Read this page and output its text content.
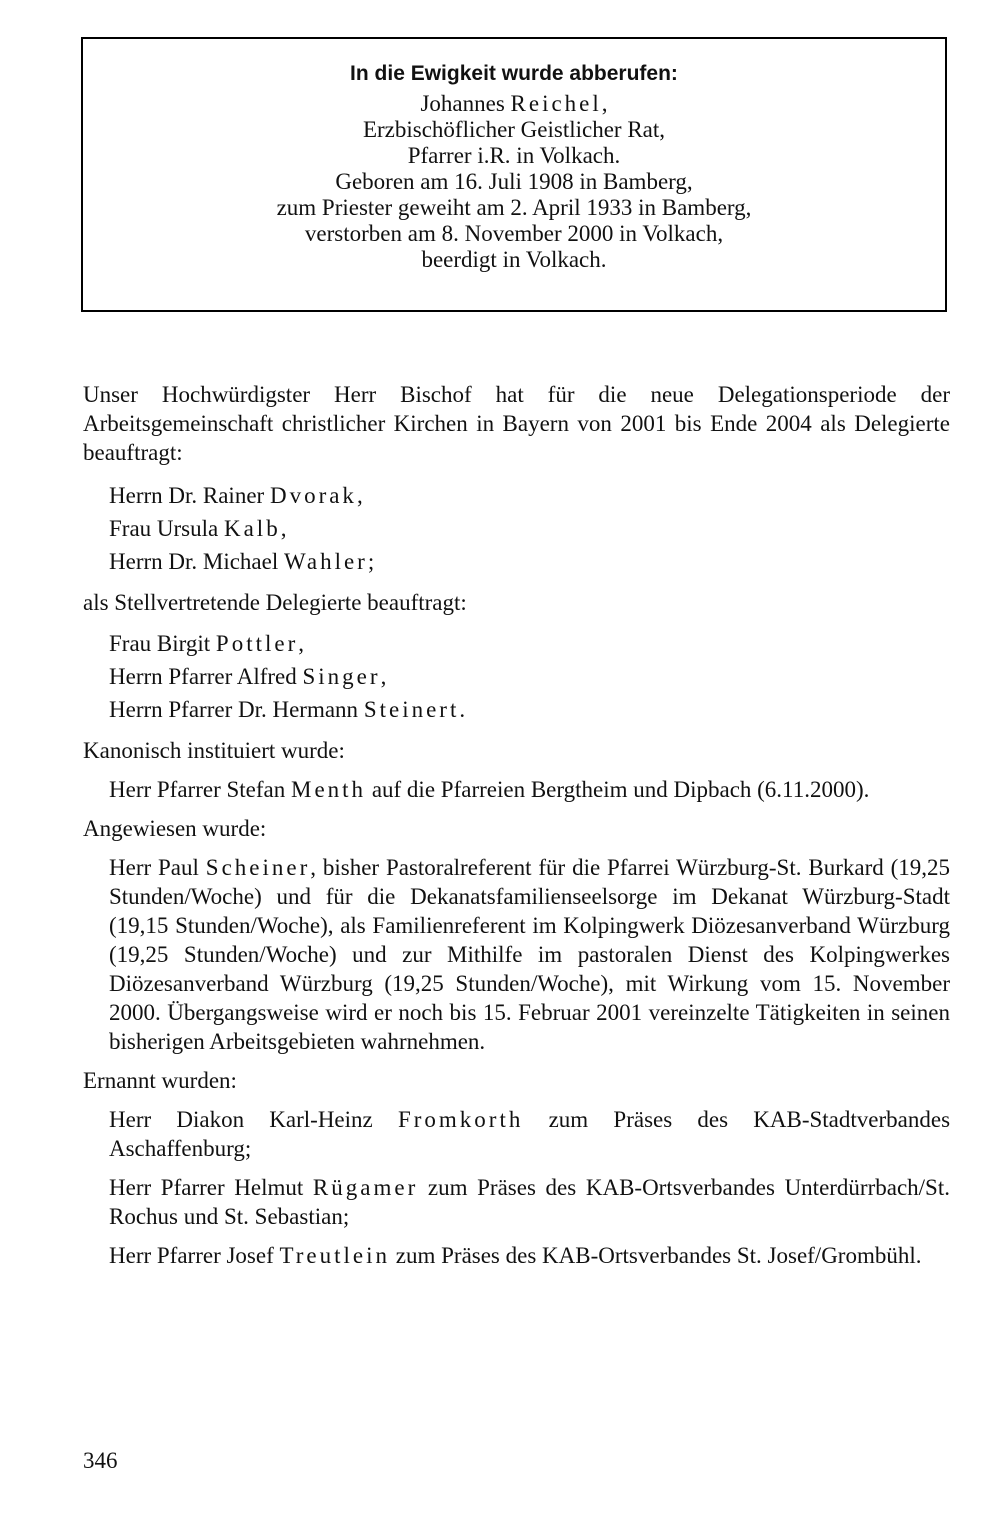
In die Ewigkeit wurde abberufen:
Johannes Reichel,
Erzbischöflicher Geistlicher Rat,
Pfarrer i.R. in Volkach.
Geboren am 16. Juli 1908 in Bamberg,
zum Priester geweiht am 2. April 1933 in Bamberg,
verstorben am 8. November 2000 in Volkach,
beerdigt in Volkach.

Unser Hochwürdigster Herr Bischof hat für die neue Delegationsperiode der Arbeitsgemeinschaft christlicher Kirchen in Bayern von 2001 bis Ende 2004 als Delegierte beauftragt:

Herrn Dr. Rainer Dvorak,
Frau Ursula Kalb,
Herrn Dr. Michael Wahler;

als Stellvertretende Delegierte beauftragt:

Frau Birgit Pottler,
Herrn Pfarrer Alfred Singer,
Herrn Pfarrer Dr. Hermann Steinert.

Kanonisch instituiert wurde:

Herr Pfarrer Stefan Menth auf die Pfarreien Bergtheim und Dipbach (6.11.2000).

Angewiesen wurde:

Herr Paul Scheiner, bisher Pastoralreferent für die Pfarrei Würzburg-St. Burkard (19,25 Stunden/Woche) und für die Dekanatsfamilienseelsorge im Dekanat Würzburg-Stadt (19,15 Stunden/Woche), als Familienreferent im Kolpingwerk Diözesanverband Würzburg (19,25 Stunden/Woche) und zur Mithilfe im pastoralen Dienst des Kolpingwerkes Diözesanverband Würzburg (19,25 Stunden/Woche), mit Wirkung vom 15. November 2000. Übergangsweise wird er noch bis 15. Februar 2001 vereinzelte Tätigkeiten in seinen bisherigen Arbeitsgebieten wahrnehmen.

Ernannt wurden:

Herr Diakon Karl-Heinz Fromkorth zum Präses des KAB-Stadtverbandes Aschaffenburg;

Herr Pfarrer Helmut Rügamer zum Präses des KAB-Ortsverbandes Unterdürrbach/St. Rochus und St. Sebastian;

Herr Pfarrer Josef Treutlein zum Präses des KAB-Ortsverbandes St. Josef/Grombühl.

346
